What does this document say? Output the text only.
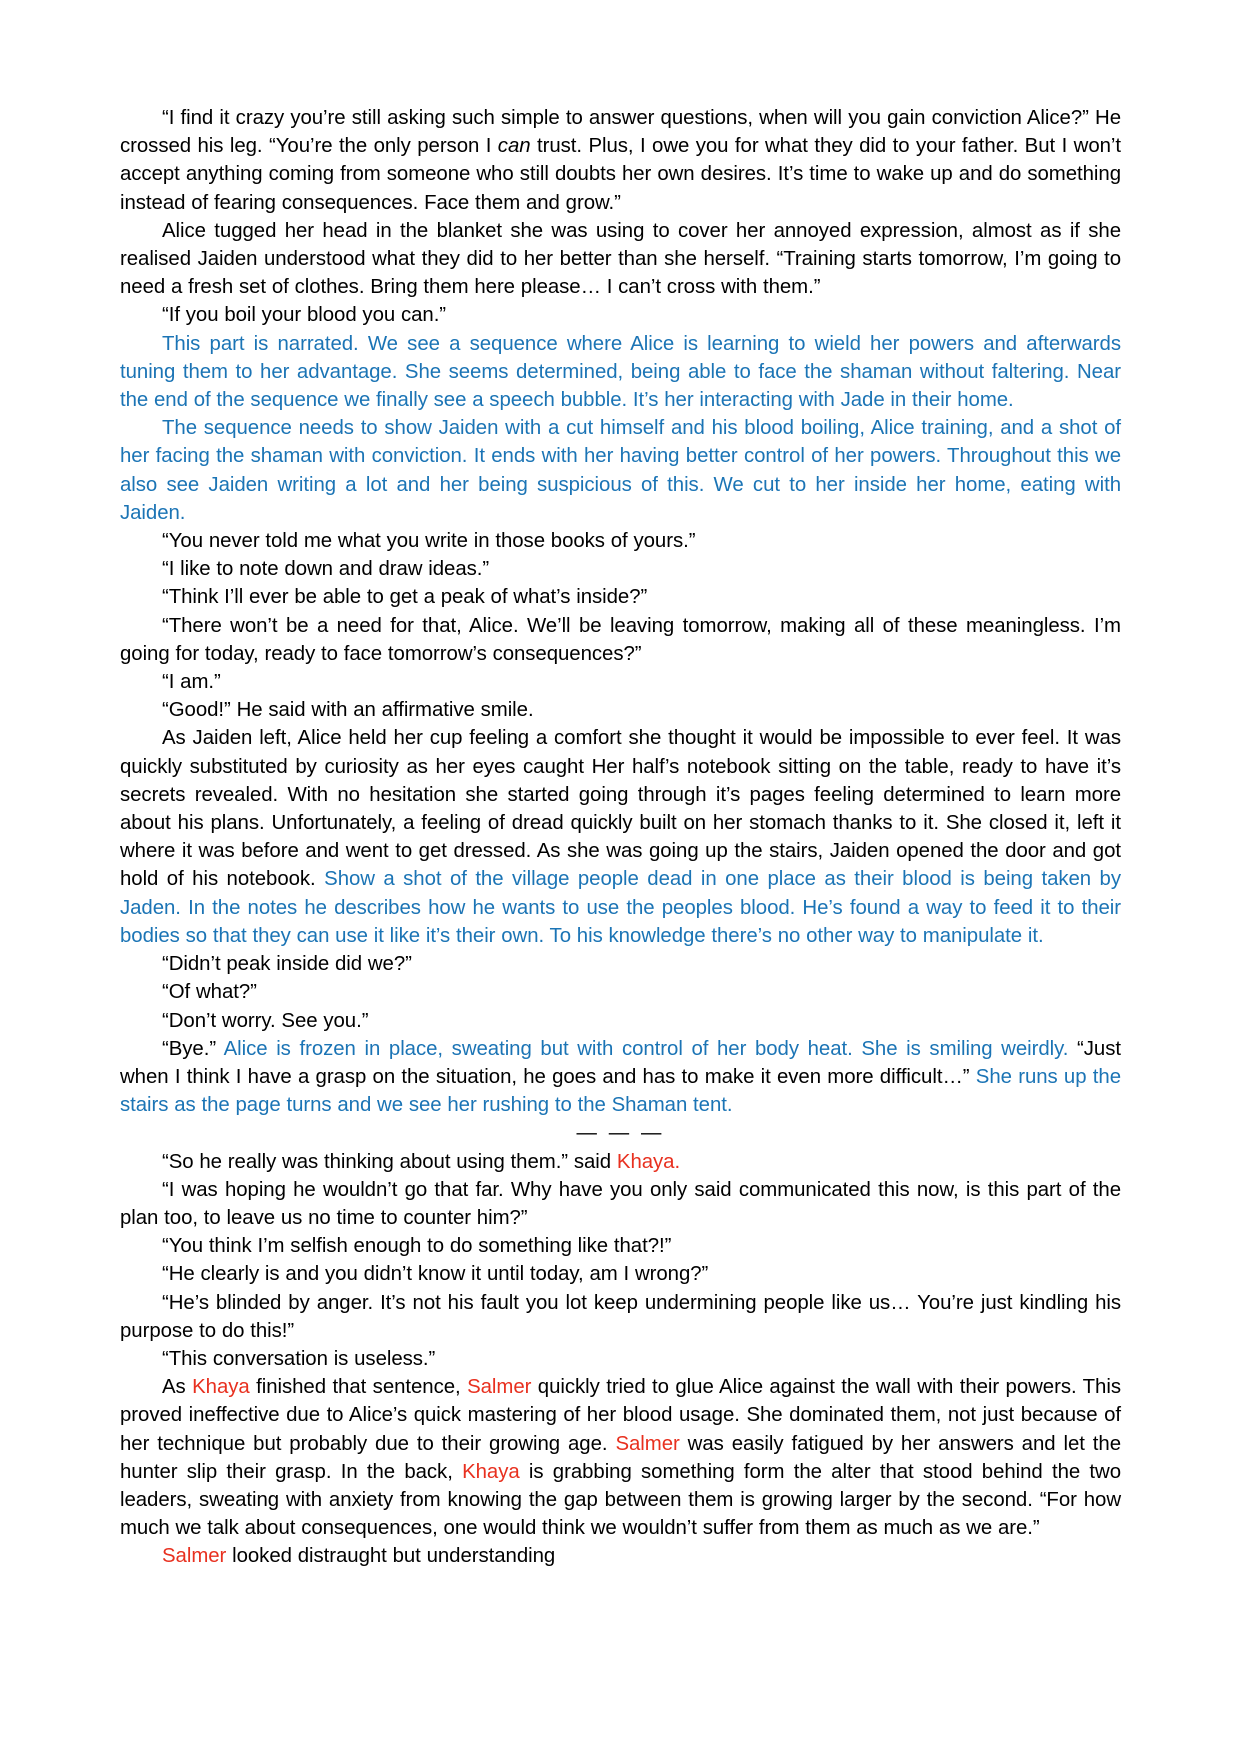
“I find it crazy you’re still asking such simple to answer questions, when will you gain conviction Alice?” He crossed his leg. “You’re the only person I can trust. Plus, I owe you for what they did to your father. But I won’t accept anything coming from someone who still doubts her own desires. It’s time to wake up and do something instead of fearing consequences. Face them and grow.”

Alice tugged her head in the blanket she was using to cover her annoyed expression, almost as if she realised Jaiden understood what they did to her better than she herself. “Training starts tomorrow, I’m going to need a fresh set of clothes. Bring them here please… I can’t cross with them.”

“If you boil your blood you can.”

This part is narrated. We see a sequence where Alice is learning to wield her powers and afterwards tuning them to her advantage. She seems determined, being able to face the shaman without faltering. Near the end of the sequence we finally see a speech bubble. It’s her interacting with Jade in their home.

The sequence needs to show Jaiden with a cut himself and his blood boiling, Alice training, and a shot of her facing the shaman with conviction. It ends with her having better control of her powers. Throughout this we also see Jaiden writing a lot and her being suspicious of this. We cut to her inside her home, eating with Jaiden.

“You never told me what you write in those books of yours.”

“I like to note down and draw ideas.”

“Think I’ll ever be able to get a peak of what’s inside?”

“There won’t be a need for that, Alice. We’ll be leaving tomorrow, making all of these meaningless. I’m going for today, ready to face tomorrow’s consequences?”

“I am.”

“Good!” He said with an affirmative smile.

As Jaiden left, Alice held her cup feeling a comfort she thought it would be impossible to ever feel. It was quickly substituted by curiosity as her eyes caught Her half’s notebook sitting on the table, ready to have it’s secrets revealed. With no hesitation she started going through it’s pages feeling determined to learn more about his plans. Unfortunately, a feeling of dread quickly built on her stomach thanks to it. She closed it, left it where it was before and went to get dressed. As she was going up the stairs, Jaiden opened the door and got hold of his notebook. Show a shot of the village people dead in one place as their blood is being taken by Jaden. In the notes he describes how he wants to use the peoples blood. He’s found a way to feed it to their bodies so that they can use it like it’s their own. To his knowledge there’s no other way to manipulate it.

“Didn’t peak inside did we?”

“Of what?”

“Don’t worry. See you.”

“Bye.” Alice is frozen in place, sweating but with control of her body heat. She is smiling weirdly. “Just when I think I have a grasp on the situation, he goes and has to make it even more difficult…” She runs up the stairs as the page turns and we see her rushing to the Shaman tent.

— — —

“So he really was thinking about using them.” said Khaya.

“I was hoping he wouldn’t go that far. Why have you only said communicated this now, is this part of the plan too, to leave us no time to counter him?”

“You think I’m selfish enough to do something like that?!”

“He clearly is and you didn’t know it until today, am I wrong?”

“He’s blinded by anger. It’s not his fault you lot keep undermining people like us… You’re just kindling his purpose to do this!”

“This conversation is useless.”

As Khaya finished that sentence, Salmer quickly tried to glue Alice against the wall with their powers. This proved ineffective due to Alice’s quick mastering of her blood usage. She dominated them, not just because of her technique but probably due to their growing age. Salmer was easily fatigued by her answers and let the hunter slip their grasp. In the back, Khaya is grabbing something form the alter that stood behind the two leaders, sweating with anxiety from knowing the gap between them is growing larger by the second. “For how much we talk about consequences, one would think we wouldn’t suffer from them as much as we are.”

Salmer looked distraught but understanding
